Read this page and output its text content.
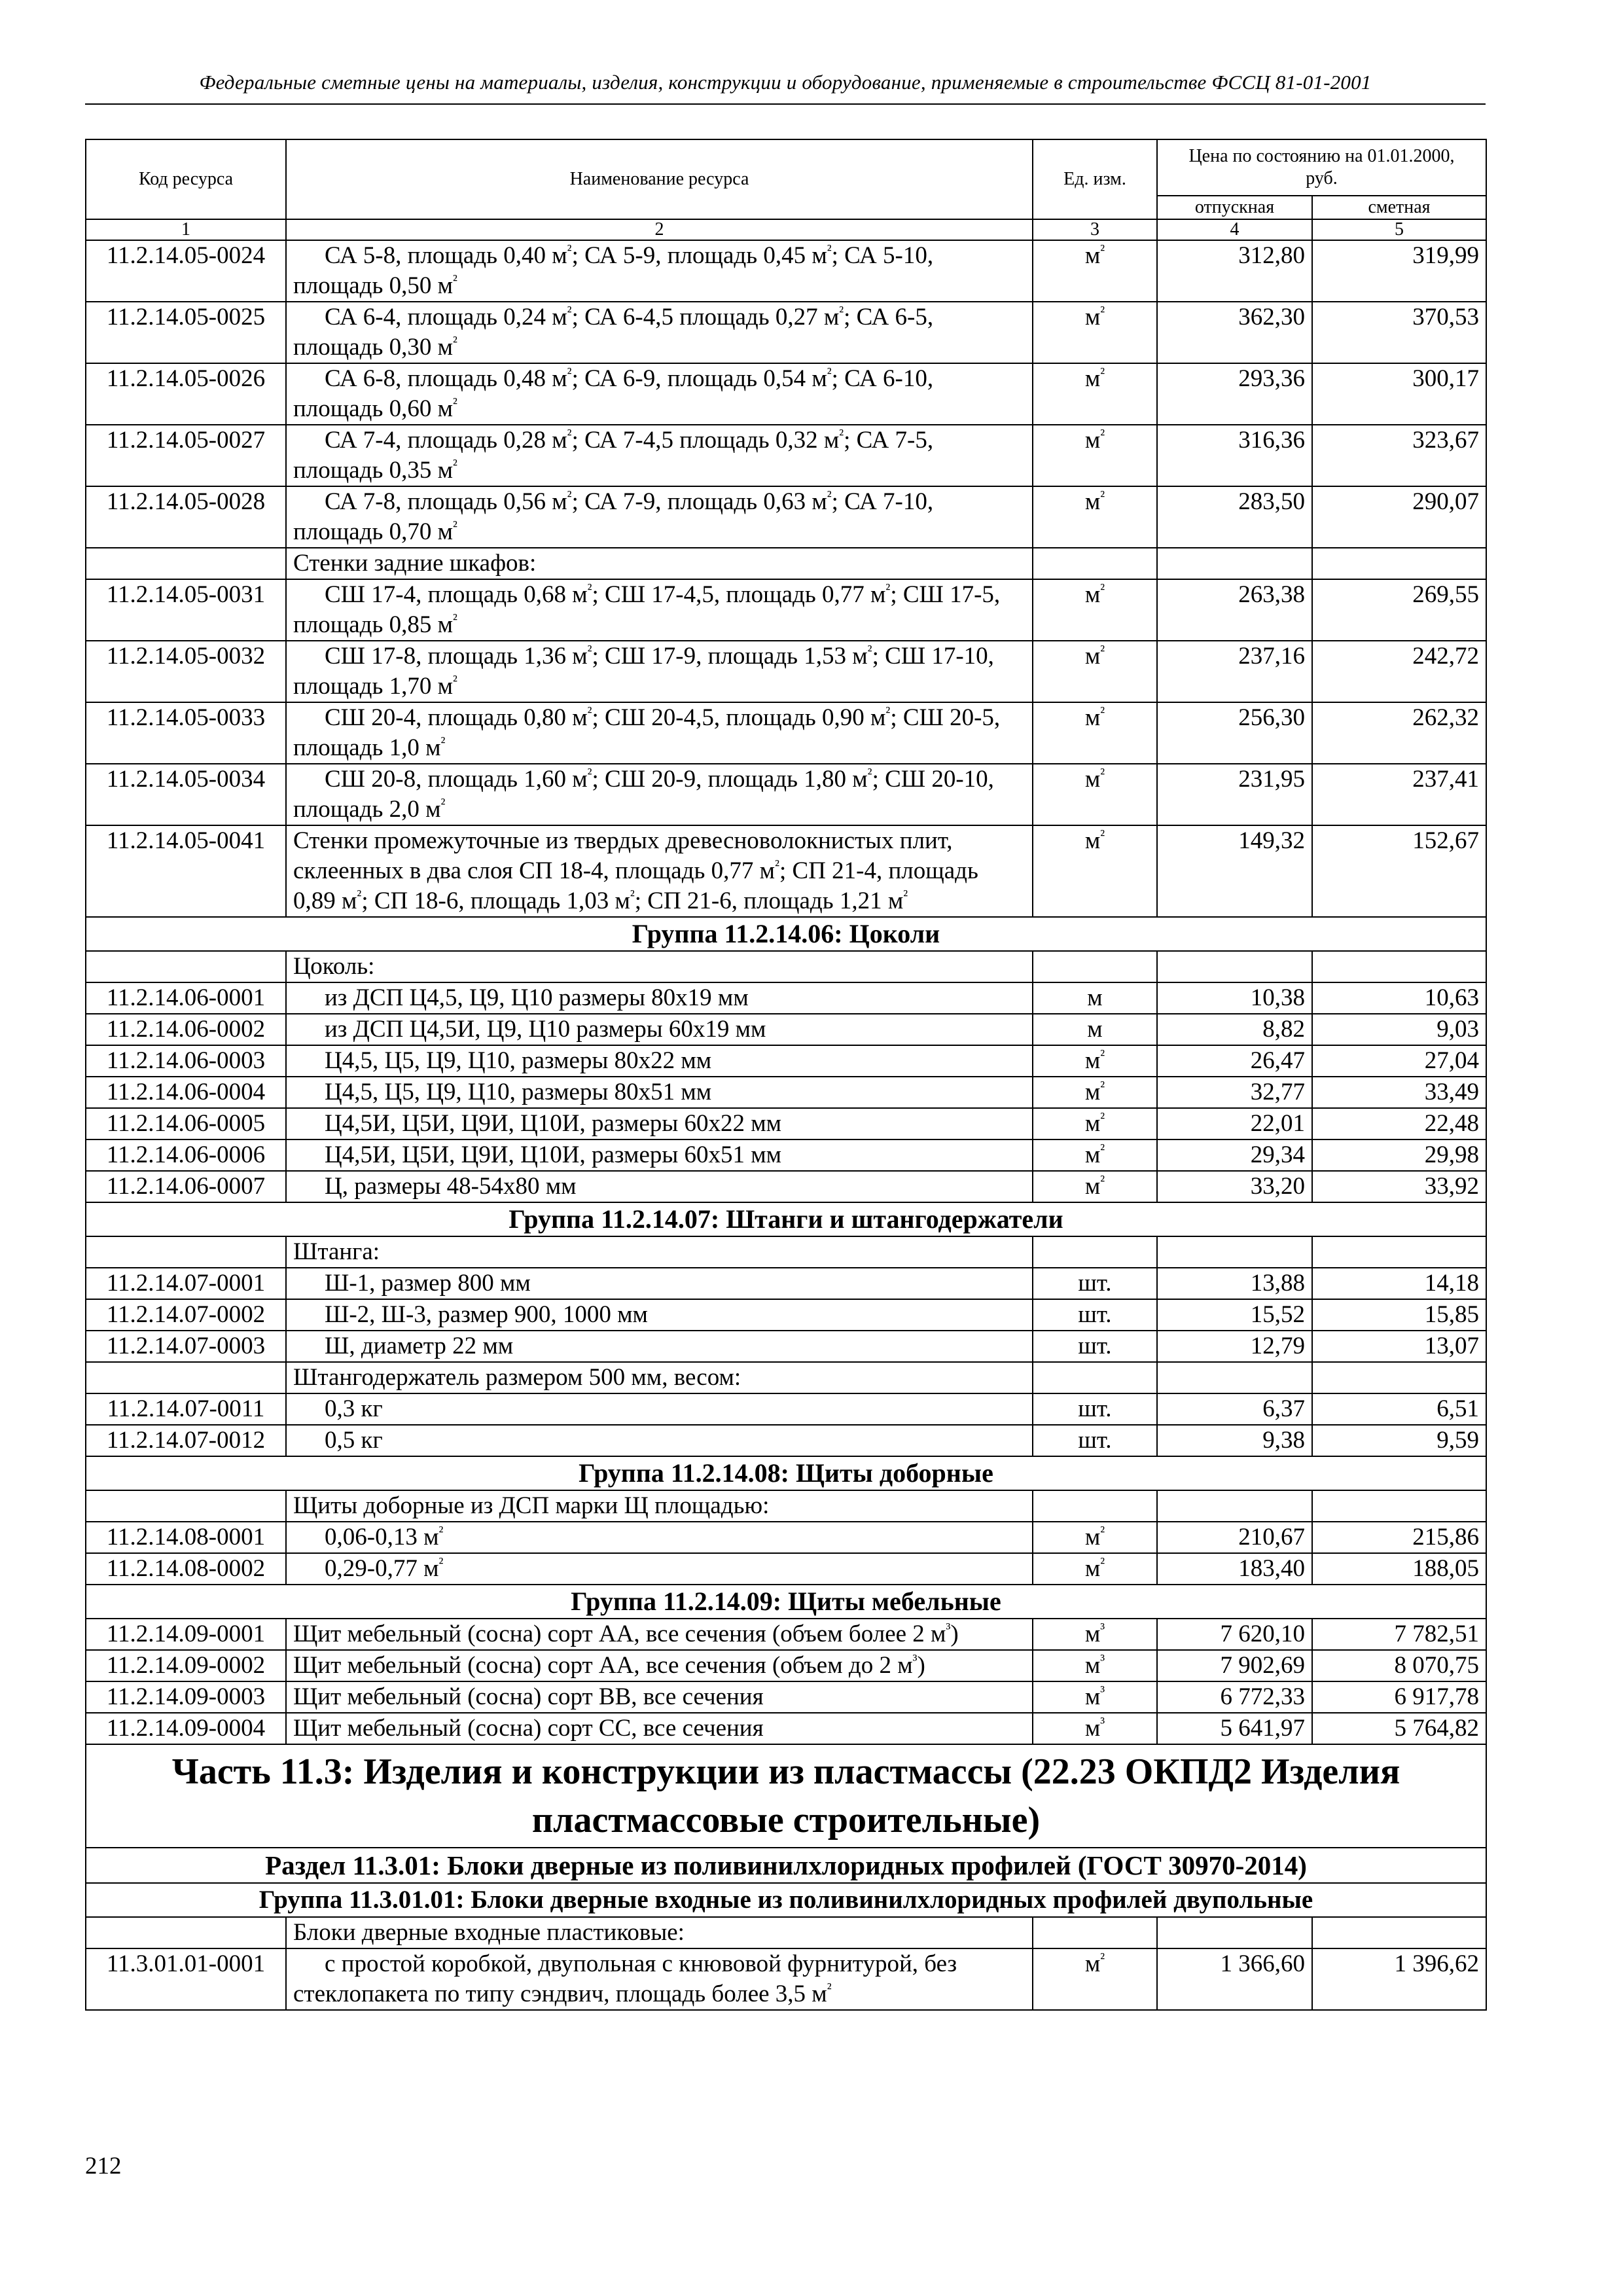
Федеральные сметные цены на материалы, изделия, конструкции и оборудование, применяемые в строительстве ФССЦ 81-01-2001
Код ресурса	Наименование ресурса	Ед. изм.	Цена по состоянию на 01.01.2000, руб.	
			отпускная	сметная
1	2	3	4	5
11.2.14.05-0024	СА 5-8, площадь 0,40 $м^{^2}$; СА 5-9, площадь 0,45 $м^{^2}$; СА 5-10, площадь 0,50 $м^{^2}$	$м^{^2}$	312,80	319,99
11.2.14.05-0025	СА 6-4, площадь 0,24 $м^{^2}$; СА 6-4,5 площадь 0,27 $м^{^2}$; СА 6-5, площадь 0,30 $м^{^2}$	$м^{^2}$	362,30	370,53
11.2.14.05-0026	СА 6-8, площадь 0,48 $м^{^2}$; СА 6-9, площадь 0,54 $м^{^2}$; СА 6-10, площадь 0,60 $м^{^2}$	$м^{^2}$	293,36	300,17
11.2.14.05-0027	СА 7-4, площадь 0,28 $м^{^2}$; СА 7-4,5 площадь 0,32 $м^{^2}$; СА 7-5, площадь 0,35 $м^{^2}$	$м^{^2}$	316,36	323,67
11.2.14.05-0028	СА 7-8, площадь 0,56 $м^{^2}$; СА 7-9, площадь 0,63 $м^{^2}$; СА 7-10, площадь 0,70 $м^{^2}$	$м^{^2}$	283,50	290,07
	Стенки задние шкафов:			
11.2.14.05-0031	СШ 17-4, площадь 0,68 $м^{^2}$; СШ 17-4,5, площадь 0,77 $м^{^2}$; СШ 17-5, площадь 0,85 $м^{^2}$	$м^{^2}$	263,38	269,55
11.2.14.05-0032	СШ 17-8, площадь 1,36 $м^{^2}$; СШ 17-9, площадь 1,53 $м^{^2}$; СШ 17-10, площадь 1,70 $м^{^2}$	$м^{^2}$	237,16	242,72
11.2.14.05-0033	СШ 20-4, площадь 0,80 $м^{^2}$; СШ 20-4,5, площадь 0,90 $м^{^2}$; СШ 20-5, площадь 1,0 $м^{^2}$	$м^{^2}$	256,30	262,32
11.2.14.05-0034	СШ 20-8, площадь 1,60 $м^{^2}$; СШ 20-9, площадь 1,80 $м^{^2}$; СШ 20-10, площадь 2,0 $м^{^2}$	$м^{^2}$	231,95	237,41
11.2.14.05-0041	Стенки промежуточные из твердых древесноволокнистых плит, склеенных в два слоя СП 18-4, площадь 0,77 $м^{^2}$; СП 21-4, площадь 0,89 $м^{^2}$; СП 18-6, площадь 1,03 $м^{^2}$; СП 21-6, площадь 1,21 $м^{^2}$	$м^{^2}$	149,32	152,67
Группа 11.2.14.06: Цоколи				
	Цоколь:			
11.2.14.06-0001	из ДСП Ц4,5, Ц9, Ц10 размеры 80х19 мм	м	10,38	10,63
11.2.14.06-0002	из ДСП Ц4,5И, Ц9, Ц10 размеры 60х19 мм	м	8,82	9,03
11.2.14.06-0003	Ц4,5, Ц5, Ц9, Ц10, размеры 80х22 мм	$м^{^2}$	26,47	27,04
11.2.14.06-0004	Ц4,5, Ц5, Ц9, Ц10, размеры 80х51 мм	$м^{^2}$	32,77	33,49
11.2.14.06-0005	Ц4,5И, Ц5И, Ц9И, Ц10И, размеры 60х22 мм	$м^{^2}$	22,01	22,48
11.2.14.06-0006	Ц4,5И, Ц5И, Ц9И, Ц10И, размеры 60х51 мм	$м^{^2}$	29,34	29,98
11.2.14.06-0007	Ц, размеры 48-54х80 мм	$м^{^2}$	33,20	33,92
Группа 11.2.14.07: Штанги и штангодержатели				
	Штанга:			
11.2.14.07-0001	Ш-1, размер 800 мм	шт.	13,88	14,18
11.2.14.07-0002	Ш-2, Ш-3, размер 900, 1000 мм	шт.	15,52	15,85
11.2.14.07-0003	Ш, диаметр 22 мм	шт.	12,79	13,07
	Штангодержатель размером 500 мм, весом:			
11.2.14.07-0011	0,3 кг	шт.	6,37	6,51
11.2.14.07-0012	0,5 кг	шт.	9,38	9,59
Группа 11.2.14.08: Щиты доборные				
	Щиты доборные из ДСП марки Щ площадью:			
11.2.14.08-0001	0,06-0,13 $м^{^2}$	$м^{^2}$	210,67	215,86
11.2.14.08-0002	0,29-0,77 $м^{^2}$	$м^{^2}$	183,40	188,05
Группа 11.2.14.09: Щиты мебельные				
11.2.14.09-0001	Щит мебельный (сосна) сорт АА, все сечения (объем более 2 $м^{^3}$)	$м^{^3}$	7 620,10	7 782,51
11.2.14.09-0002	Щит мебельный (сосна) сорт АА, все сечения (объем до 2 $м^{^3}$)	$м^{^3}$	7 902,69	8 070,75
11.2.14.09-0003	Щит мебельный (сосна) сорт ВВ, все сечения	$м^{^3}$	6 772,33	6 917,78
11.2.14.09-0004	Щит мебельный (сосна) сорт СС, все сечения	$м^{^3}$	5 641,97	5 764,82
Часть 11.3: Изделия и конструкции из пластмассы (22.23 ОКПД2 Изделия пластмассовые строительные)				
Раздел 11.3.01: Блоки дверные из поливинилхлоридных профилей (ГОСТ 30970-2014)				
Группа 11.3.01.01: Блоки дверные входные из поливинилхлоридных профилей двупольные				
	Блоки дверные входные пластиковые:			
11.3.01.01-0001	с простой коробкой, двупольная с кнювовой фурнитурой, без стеклопакета по типу сэндвич, площадь более 3,5 $м^{^2}$	$м^{^2}$	1 366,60	1 396,62
212
